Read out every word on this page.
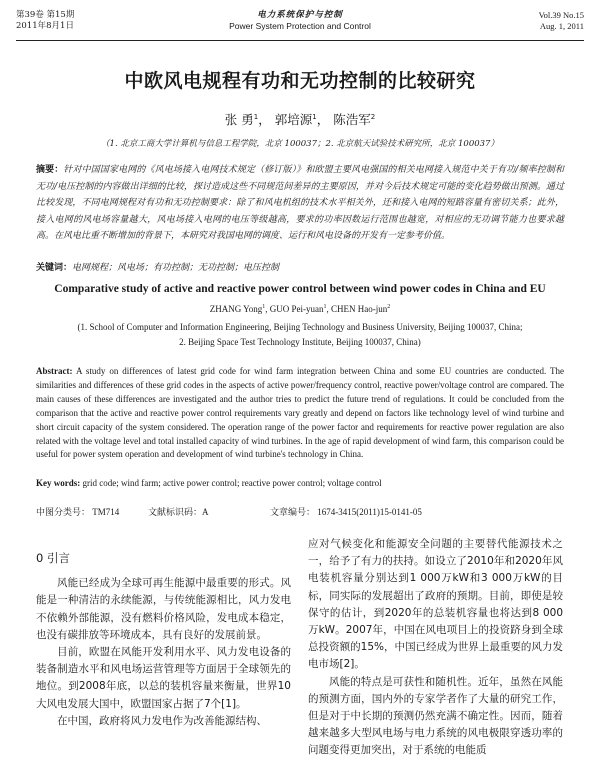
第39卷 第15期
2011年8月1日
电力系统保护与控制
Power System Protection and Control
Vol.39 No.15
Aug. 1, 2011
中欧风电规程有功和无功控制的比较研究
张 勇$^1$， 郭培源$^1$， 陈浩军$^2$
（1. 北京工商大学计算机与信息工程学院，北京 100037；2. 北京航天试验技术研究所，北京 100037）
摘要：针对中国国家电网的《风电场接入电网技术规定（修订版）》和欧盟主要风电强国的相关电网接入规范中关于有功/频率控制和无功/电压控制的内容做出详细的比较，探讨造成这些不同规范间差异的主要原因，并对今后技术规定可能的变化趋势做出预测。通过比较发现，不同电网规程对有功和无功控制要求：除了和风电机组的技术水平相关外，还和接入电网的短路容量有密切关系；此外，接入电网的风电场容量越大，风电场接入电网的电压等级越高，要求的功率因数运行范围也越宽，对相应的无功调节能力也要求越高。在风电比重不断增加的背景下，本研究对我国电网的调度、运行和风电设备的开发有一定参考价值。
关键词：电网规程；风电场；有功控制；无功控制；电压控制
Comparative study of active and reactive power control between wind power codes in China and EU
ZHANG Yong$^1$, GUO Pei-yuan$^1$, CHEN Hao-jun$^2$
(1. School of Computer and Information Engineering, Beijing Technology and Business University, Beijing 100037, China;
2. Beijing Space Test Technology Institute, Beijing 100037, China)
Abstract: A study on differences of latest grid code for wind farm integration between China and some EU countries are conducted. The similarities and differences of these grid codes in the aspects of active power/frequency control, reactive power/voltage control are compared. The main causes of these differences are investigated and the author tries to predict the future trend of regulations. It could be concluded from the comparison that the active and reactive power control requirements vary greatly and depend on factors like technology level of wind turbine and short circuit capacity of the system considered. The operation range of the power factor and requirements for reactive power regulation are also related with the voltage level and total installed capacity of wind turbines. In the age of rapid development of wind farm, this comparison could be useful for power system operation and development of wind turbine's technology in China.
Key words: grid code; wind farm; active power control; reactive power control; voltage control
中图分类号： TM714	文献标识码：A	文章编号： 1674-3415(2011)15-0141-05
0 引言

风能已经成为全球可再生能源中最重要的形式。风能是一种清洁的永续能源，与传统能源相比，风力发电不依赖外部能源，没有燃料价格风险，发电成本稳定，也没有碳排放等环境成本，具有良好的发展前景。

目前，欧盟在风能开发利用水平、风力发电设备的装备制造水平和风电场运营管理等方面居于全球领先的地位。到2008年底，以总的装机容量来衡量，世界10大风电发展大国中，欧盟国家占据了7个[1]。

在中国，政府将风力发电作为改善能源结构、

应对气候变化和能源安全问题的主要替代能源技术之一，给予了有力的扶持。如设立了2010年和2020年风电装机容量分别达到1 000万kW和3 000万kW的目标，同实际的发展超出了政府的预期。目前，即使是较保守的估计，到2020年的总装机容量也将达到8 000万kW。2007年，中国在风电项目上的投资跻身到全球总投资额的15%，中国已经成为世界上最重要的风力发电市场[2]。

风能的特点是可获性和随机性。近年，虽然在风能的预测方面，国内外的专家学者作了大量的研究工作，但是对于中长期的预测仍然充满不确定性。因而，随着越来越多大型风电场与电力系统的风电极限穿透功率的问题变得更加突出，对于系统的电能质
